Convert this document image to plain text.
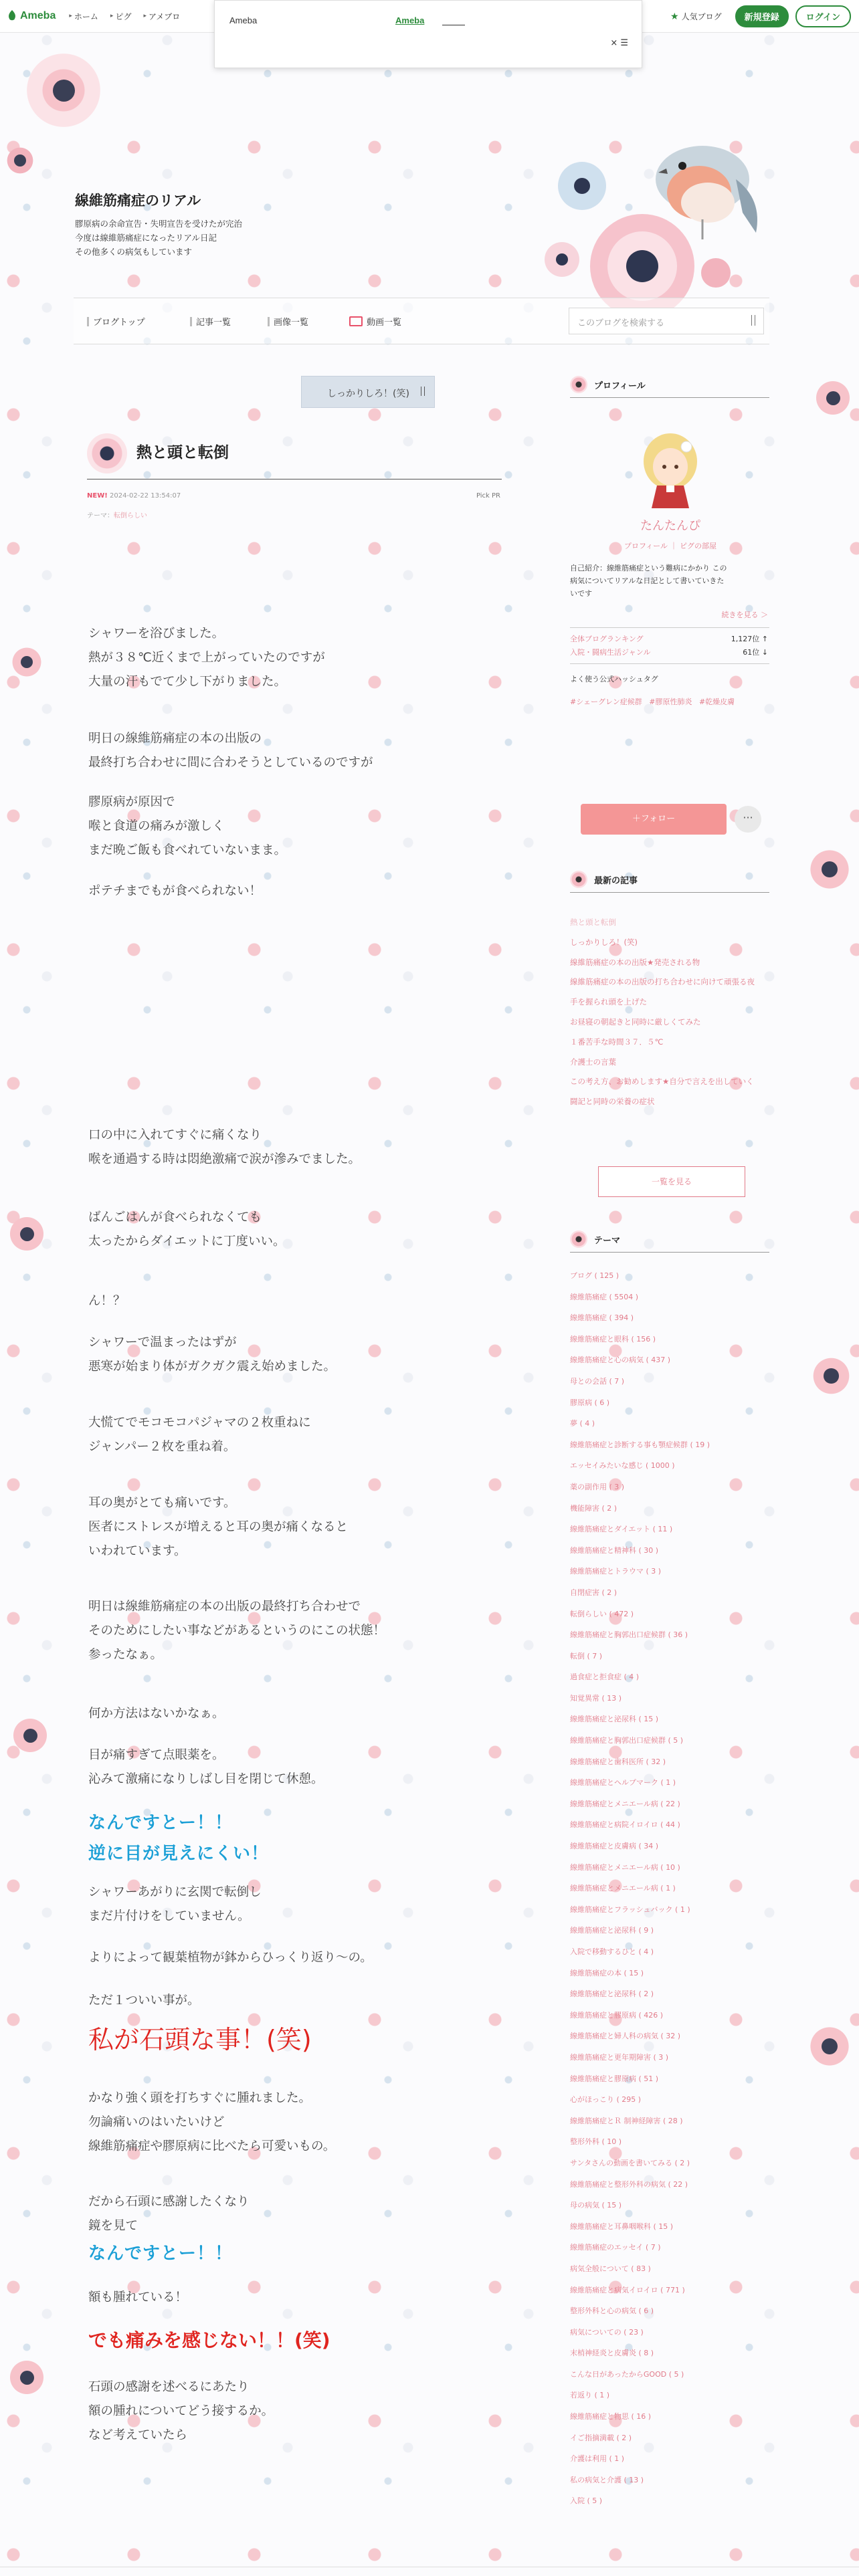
Ameba ▸ ホーム ▸ ピグ ▸ アメブロ	★ 人気ブログ	新規登録	ログイン
Ameba	Ameba
× ☰
線維筋痛症のリアル
膠原病の余命宣告・失明宣告を受けたが完治
今度は線維筋痛症になったリアル日記
その他多くの病気もしています
ブログトップ	記事一覧	画像一覧	動画一覧	このブログを検索する
しっかりしろ！(笑)
熱と頭と転倒
NEW! 2024-02-22 13:54:07	Pick PR
テーマ：転倒らしい
シャワーを浴びました。
熱が３８℃近くまで上がっていたのですが
大量の汗もでて少し下がりました。
明日の線維筋痛症の本の出版の
最終打ち合わせに間に合わそうとしているのですが
膠原病が原因で
喉と食道の痛みが激しく
まだ晩ご飯も食べれていないまま。
ポテチまでもが食べられない！
口の中に入れてすぐに痛くなり
喉を通過する時は悶絶激痛で涙が滲みでました。
ばんごはんが食べられなくても
太ったからダイエットに丁度いい。
ん！？
シャワーで温まったはずが
悪寒が始まり体がガクガク震え始めました。
大慌てでモコモコパジャマの２枚重ねに
ジャンパー２枚を重ね着。
耳の奥がとても痛いです。
医者にストレスが増えると耳の奥が痛くなると
いわれています。
明日は線維筋痛症の本の出版の最終打ち合わせで
そのためにしたい事などがあるというのにこの状態！
参ったなぁ。
何か方法はないかなぁ。
目が痛すぎて点眼薬を。
沁みて激痛になりしばし目を閉じて休憩。
なんですとー！！
逆に目が見えにくい！
シャワーあがりに玄関で転倒し
まだ片付けをしていません。
よりによって観葉植物が鉢からひっくり返り〜の。
ただ１ついい事が。
私が石頭な事！(笑)
かなり強く頭を打ちすぐに腫れました。
勿論痛いのはいたいけど
線維筋痛症や膠原病に比べたら可愛いもの。
だから石頭に感謝したくなり
鏡を見て
なんですとー！！
額も腫れている！
でも痛みを感じない！！(笑)
石頭の感謝を述べるにあたり
額の腫れについてどう接するか。
など考えていたら
プロフィール
たんたんぴ
プロフィール ｜ ピグの部屋
自己紹介：線維筋痛症という難病にかかり この
病気についてリアルな日記として書いていきた
いです
続きを見る ＞
全体ブログランキング	1,127位 ↑
入院・闘病生活ジャンル	61位 ↓
よく使う公式ハッシュタグ
#シェーグレン症候群 #膠原性肺炎 #乾燥皮膚
＋フォロー	···
最新の記事
熱と頭と転倒
しっかりしろ！(笑)
線維筋痛症の本の出版★発売される物
線維筋痛症の本の出版の打ち合わせに向けて頑張る夜
手を握られ頭を上げた
お昼寝の朝起きと同時に厳しくてみた
１番苦手な時間３７．５℃
介護士の言葉
この考え方、お勧めします★自分で言えを出していく
闘記と同時の栄養の症状
一覧を見る
テーマ
ブログ ( 125 )
線維筋痛症 ( 5504 )
線維筋痛症 ( 394 )
線維筋痛症と眼科 ( 156 )
線維筋痛症と心の病気 ( 437 )
母との会話 ( 7 )
膠原病 ( 6 )
夢 ( 4 )
線維筋痛症と診断する事も顎症候群 ( 19 )
エッセイみたいな感じ ( 1000 )
薬の副作用 ( 3 )
機能障害 ( 2 )
線維筋痛症とダイエット ( 11 )
線維筋痛症と精神科 ( 30 )
線維筋痛症とトラウマ ( 3 )
自閉症害 ( 2 )
転倒らしい ( 472 )
線維筋痛症と胸郭出口症候群 ( 36 )
転倒 ( 7 )
過食症と拒食症 ( 4 )
知覚異常 ( 13 )
線維筋痛症と泌尿科 ( 15 )
線維筋痛症と胸郭出口症候群 ( 5 )
線維筋痛症と歯科医所 ( 32 )
線維筋痛症とヘルプマーク ( 1 )
線維筋痛症とメニエール病 ( 22 )
線維筋痛症と病院イロイロ ( 44 )
線維筋痛症と皮膚病 ( 34 )
線維筋痛症とメニエール病 ( 10 )
線維筋痛症とメニエール病 ( 1 )
線維筋痛症とフラッシュバック ( 1 )
線維筋痛症と泌尿科 ( 9 )
入院で移動するひと ( 4 )
線維筋痛症の本 ( 15 )
線維筋痛症と泌尿科 ( 2 )
線維筋痛症と膠原病 ( 426 )
線維筋痛症と婦人科の病気 ( 32 )
線維筋痛症と更年期障害 ( 3 )
線維筋痛症と膠原病 ( 51 )
心がほっこり ( 295 )
線維筋痛症とＲ 制神経障害 ( 28 )
整形外科 ( 10 )
サンタさんの動画を書いてみる ( 2 )
線維筋痛症と整形外科の病気 ( 22 )
母の病気 ( 15 )
線維筋痛症と耳鼻咽喉科 ( 15 )
線維筋痛症のエッセイ ( 7 )
病気全般について ( 83 )
線維筋痛症と病気イロイロ ( 771 )
整形外科と心の病気 ( 6 )
病気についての ( 23 )
末梢神経炎と皮膚炎 ( 8 )
こんな日があったからGOOD ( 5 )
若返り ( 1 )
線維筋痛症と物思 ( 16 )
イご指摘満載 ( 2 )
介護は利用 ( 1 )
私の病気と介護 ( 13 )
入院 ( 5 )
